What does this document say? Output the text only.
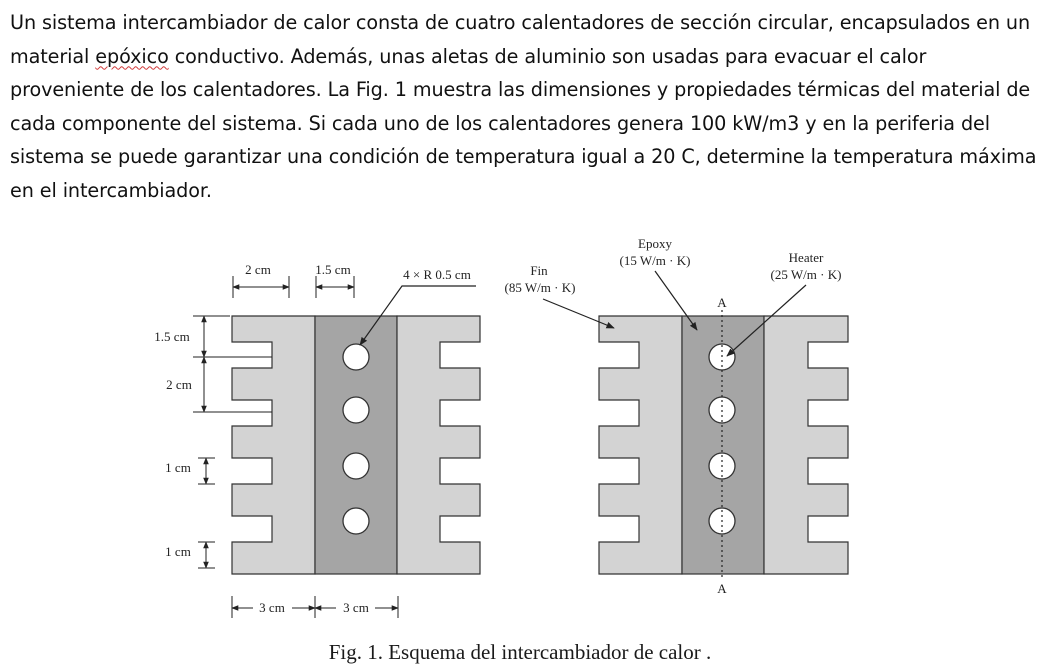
Un sistema intercambiador de calor consta de cuatro calentadores de sección circular, encapsulados en un material epóxico conductivo. Además, unas aletas de aluminio son usadas para evacuar el calor proveniente de los calentadores. La Fig. 1 muestra las dimensiones y propiedades térmicas del material de cada componente del sistema. Si cada uno de los calentadores genera 100 kW/m3 y en la periferia del sistema se puede garantizar una condición de temperatura igual a 20 C, determine la temperatura máxima en el intercambiador.

2 cm	1.5 cm	4 × R 0.5 cm
1.5 cm
2 cm
1 cm
1 cm
3 cm	3 cm
A
A
Fin
(85 W/m · K)
Epoxy
(15 W/m · K)	Heater
(25 W/m · K)
Fig. 1. Esquema del intercambiador de calor .
